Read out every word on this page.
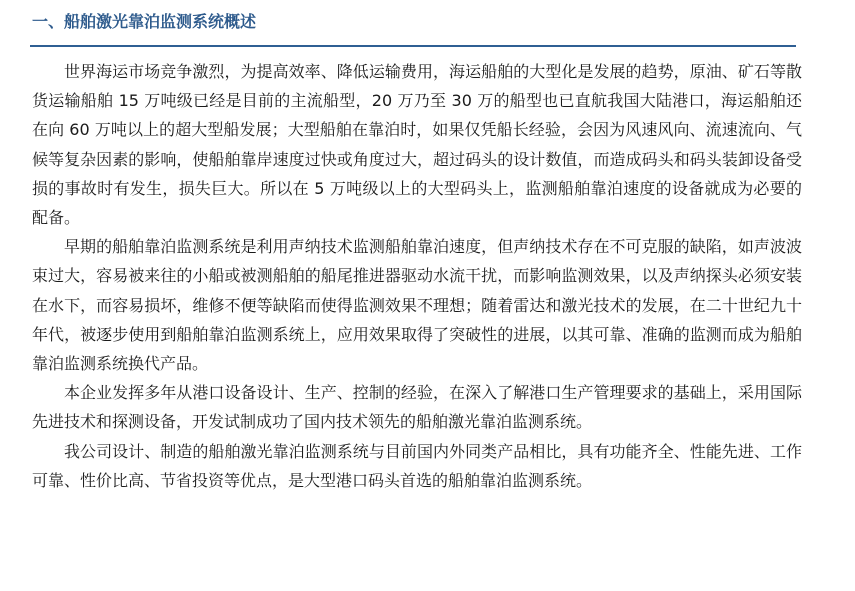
一、船舶激光靠泊监测系统概述

世界海运市场竞争激烈，为提高效率、降低运输费用，海运船舶的大型化是发展的趋势，原油、矿石等散货运输船舶 15 万吨级已经是目前的主流船型，20 万乃至 30 万的船型也已直航我国大陆港口，海运船舶还在向 60 万吨以上的超大型船发展；大型船舶在靠泊时，如果仅凭船长经验，会因为风速风向、流速流向、气候等复杂因素的影响，使船舶靠岸速度过快或角度过大，超过码头的设计数值，而造成码头和码头装卸设备受损的事故时有发生，损失巨大。所以在 5 万吨级以上的大型码头上，监测船舶靠泊速度的设备就成为必要的配备。

早期的船舶靠泊监测系统是利用声纳技术监测船舶靠泊速度，但声纳技术存在不可克服的缺陷，如声波波束过大，容易被来往的小船或被测船舶的船尾推进器驱动水流干扰，而影响监测效果，以及声纳探头必须安装在水下，而容易损坏，维修不便等缺陷而使得监测效果不理想；随着雷达和激光技术的发展，在二十世纪九十年代，被逐步使用到船舶靠泊监测系统上，应用效果取得了突破性的进展，以其可靠、准确的监测而成为船舶靠泊监测系统换代产品。

本企业发挥多年从港口设备设计、生产、控制的经验，在深入了解港口生产管理要求的基础上，采用国际先进技术和探测设备，开发试制成功了国内技术领先的船舶激光靠泊监测系统。

我公司设计、制造的船舶激光靠泊监测系统与目前国内外同类产品相比，具有功能齐全、性能先进、工作可靠、性价比高、节省投资等优点，是大型港口码头首选的船舶靠泊监测系统。
